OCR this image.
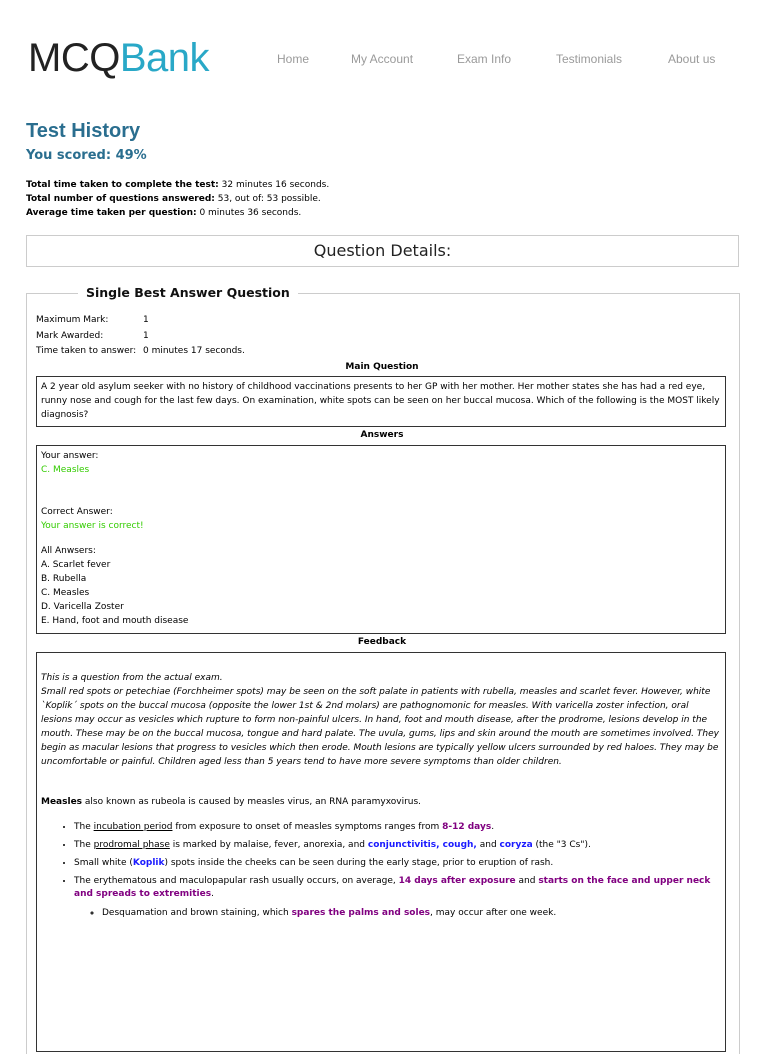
MCQBank	Home	My Account	Exam Info	Testimonials	About us
Test History
You scored: 49%
Total time taken to complete the test: 32 minutes 16 seconds.
Total number of questions answered: 53, out of: 53 possible.
Average time taken per question: 0 minutes 36 seconds.
Question Details:
Single Best Answer Question
Maximum Mark:	1
Mark Awarded:	1
Time taken to answer: 0 minutes 17 seconds.
Main Question
A 2 year old asylum seeker with no history of childhood vaccinations presents to her GP with her mother. Her mother states she has had a red eye, runny nose and cough for the last few days. On examination, white spots can be seen on her buccal mucosa. Which of the following is the MOST likely diagnosis?
Answers
Your answer:
C. Measles
Correct Answer:
Your answer is correct!
All Anwsers:
A. Scarlet fever
B. Rubella
C. Measles
D. Varicella Zoster
E. Hand, foot and mouth disease
Feedback
This is a question from the actual exam.
Small red spots or petechiae (Forchheimer spots) may be seen on the soft palate in patients with rubella, measles and scarlet fever. However, white `Koplik´ spots on the buccal mucosa (opposite the lower 1st & 2nd molars) are pathognomonic for measles. With varicella zoster infection, oral lesions may occur as vesicles which rupture to form non-painful ulcers. In hand, foot and mouth disease, after the prodrome, lesions develop in the mouth. These may be on the buccal mucosa, tongue and hard palate. The uvula, gums, lips and skin around the mouth are sometimes involved. They begin as macular lesions that progress to vesicles which then erode. Mouth lesions are typically yellow ulcers surrounded by red haloes. They may be uncomfortable or painful. Children aged less than 5 years tend to have more severe symptoms than older children.
Measles also known as rubeola is caused by measles virus, an RNA paramyxovirus.
• The incubation period from exposure to onset of measles symptoms ranges from 8-12 days.
• The prodromal phase is marked by malaise, fever, anorexia, and conjunctivitis, cough, and coryza (the "3 Cs").
• Small white (Koplik) spots inside the cheeks can be seen during the early stage, prior to eruption of rash.
• The erythematous and maculopapular rash usually occurs, on average, 14 days after exposure and starts on the face and upper neck and spreads to extremities.
◦ Desquamation and brown staining, which spares the palms and soles, may occur after one week.
